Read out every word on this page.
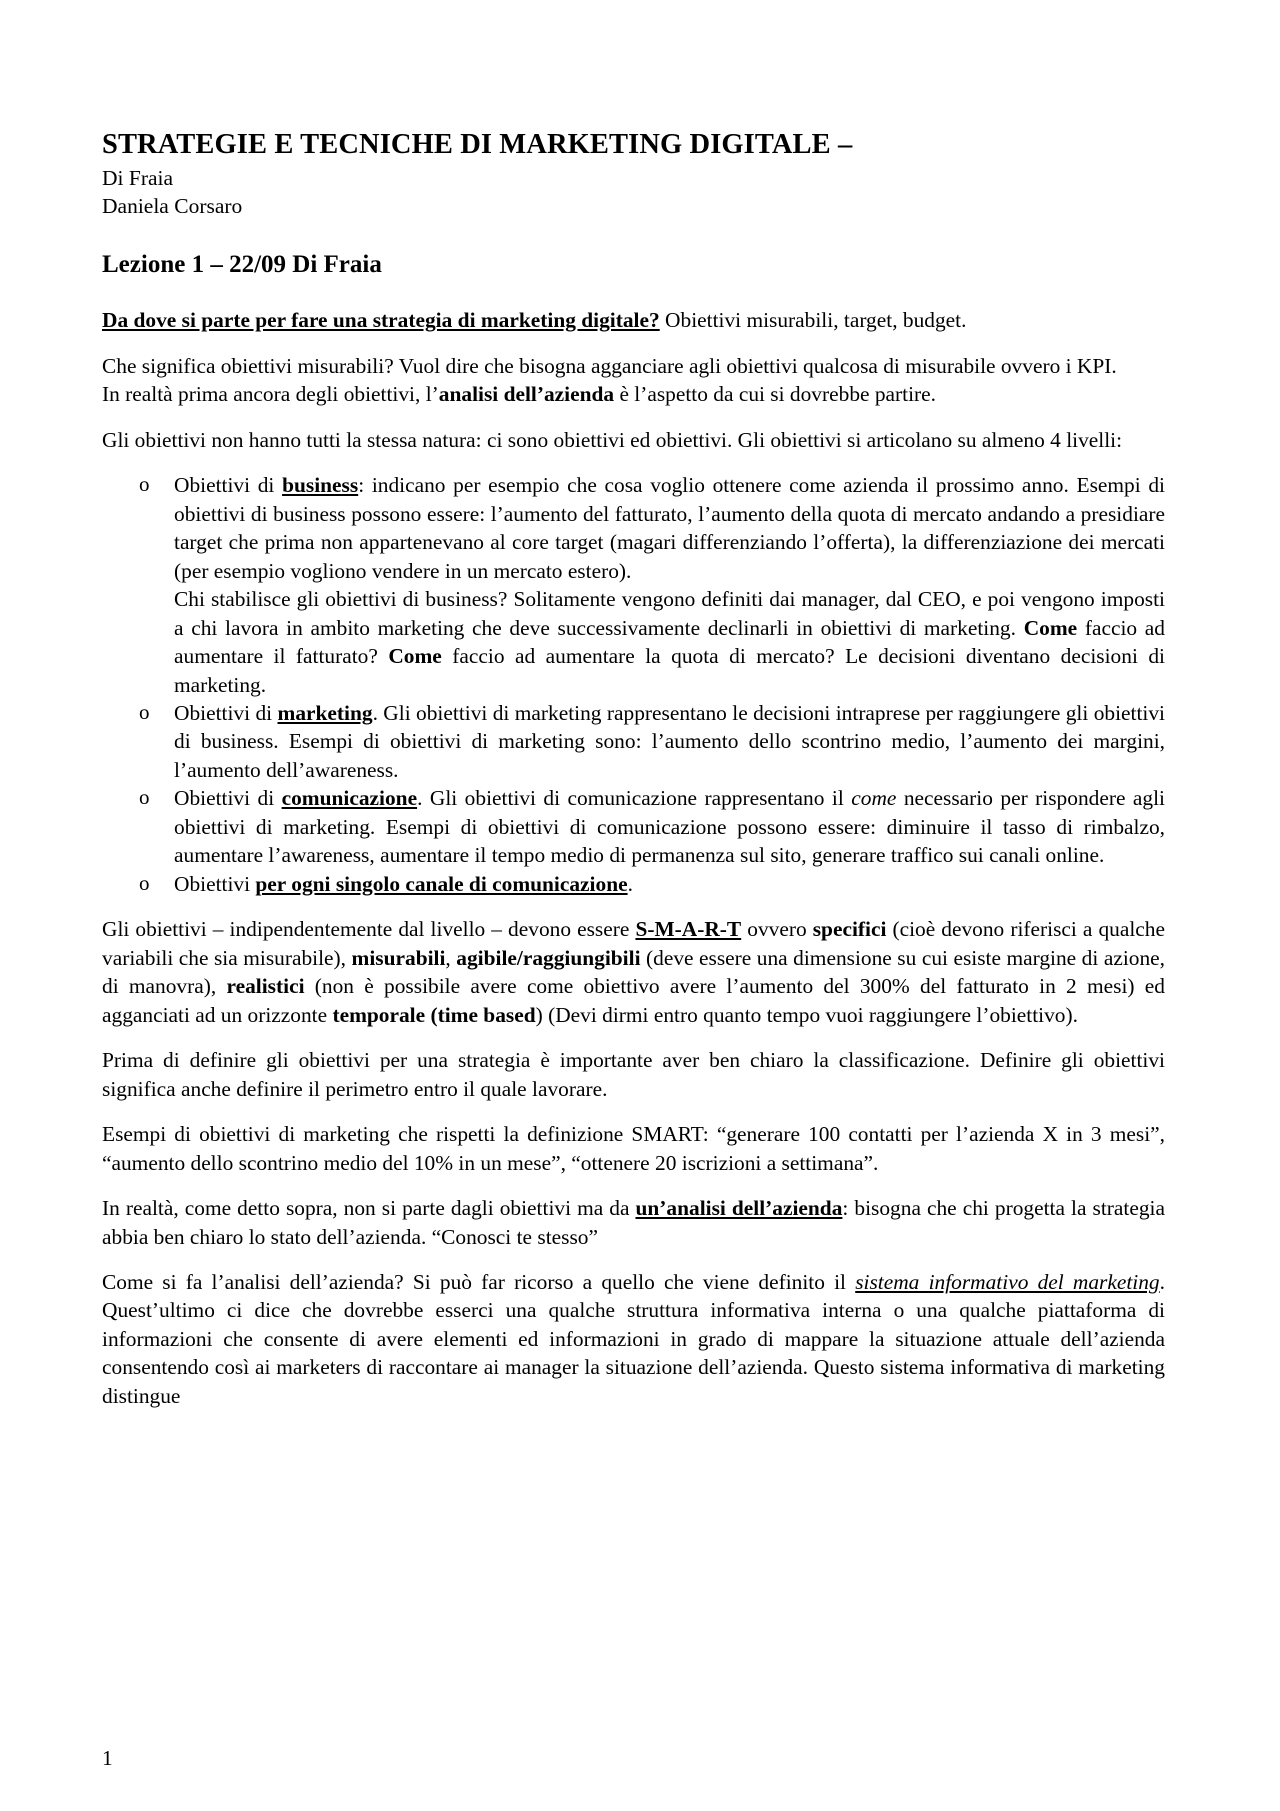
STRATEGIE E TECNICHE DI MARKETING DIGITALE –
Di Fraia
Daniela Corsaro
Lezione 1 – 22/09 Di Fraia

Da dove si parte per fare una strategia di marketing digitale? Obiettivi misurabili, target, budget.

Che significa obiettivi misurabili? Vuol dire che bisogna agganciare agli obiettivi qualcosa di misurabile ovvero i KPI.

In realtà prima ancora degli obiettivi, l’analisi dell’azienda è l’aspetto da cui si dovrebbe partire.

Gli obiettivi non hanno tutti la stessa natura: ci sono obiettivi ed obiettivi. Gli obiettivi si articolano su almeno 4 livelli:

o Obiettivi di business: indicano per esempio che cosa voglio ottenere come azienda il prossimo anno. Esempi di obiettivi di business possono essere: l’aumento del fatturato, l’aumento della quota di mercato andando a presidiare target che prima non appartenevano al core target (magari differenziando l’offerta), la differenziazione dei mercati (per esempio vogliono vendere in un mercato estero).
Chi stabilisce gli obiettivi di business? Solitamente vengono definiti dai manager, dal CEO, e poi vengono imposti a chi lavora in ambito marketing che deve successivamente declinarli in obiettivi di marketing. Come faccio ad aumentare il fatturato? Come faccio ad aumentare la quota di mercato? Le decisioni diventano decisioni di marketing.
o Obiettivi di marketing. Gli obiettivi di marketing rappresentano le decisioni intraprese per raggiungere gli obiettivi di business. Esempi di obiettivi di marketing sono: l’aumento dello scontrino medio, l’aumento dei margini, l’aumento dell’awareness.
o Obiettivi di comunicazione. Gli obiettivi di comunicazione rappresentano il come necessario per rispondere agli obiettivi di marketing. Esempi di obiettivi di comunicazione possono essere: diminuire il tasso di rimbalzo, aumentare l’awareness, aumentare il tempo medio di permanenza sul sito, generare traffico sui canali online.
o Obiettivi per ogni singolo canale di comunicazione.

Gli obiettivi – indipendentemente dal livello – devono essere S-M-A-R-T ovvero specifici (cioè devono riferisci a qualche variabili che sia misurabile), misurabili, agibile/raggiungibili (deve essere una dimensione su cui esiste margine di azione, di manovra), realistici (non è possibile avere come obiettivo avere l’aumento del 300% del fatturato in 2 mesi) ed agganciati ad un orizzonte temporale (time based) (Devi dirmi entro quanto tempo vuoi raggiungere l’obiettivo).

Prima di definire gli obiettivi per una strategia è importante aver ben chiaro la classificazione. Definire gli obiettivi significa anche definire il perimetro entro il quale lavorare.

Esempi di obiettivi di marketing che rispetti la definizione SMART: “generare 100 contatti per l’azienda X in 3 mesi”, “aumento dello scontrino medio del 10% in un mese”, “ottenere 20 iscrizioni a settimana”.

In realtà, come detto sopra, non si parte dagli obiettivi ma da un’analisi dell’azienda: bisogna che chi progetta la strategia abbia ben chiaro lo stato dell’azienda. “Conosci te stesso”

Come si fa l’analisi dell’azienda? Si può far ricorso a quello che viene definito il sistema informativo del marketing. Quest’ultimo ci dice che dovrebbe esserci una qualche struttura informativa interna o una qualche piattaforma di informazioni che consente di avere elementi ed informazioni in grado di mappare la situazione attuale dell’azienda consentendo così ai marketers di raccontare ai manager la situazione dell’azienda. Questo sistema informativa di marketing distingue

1
